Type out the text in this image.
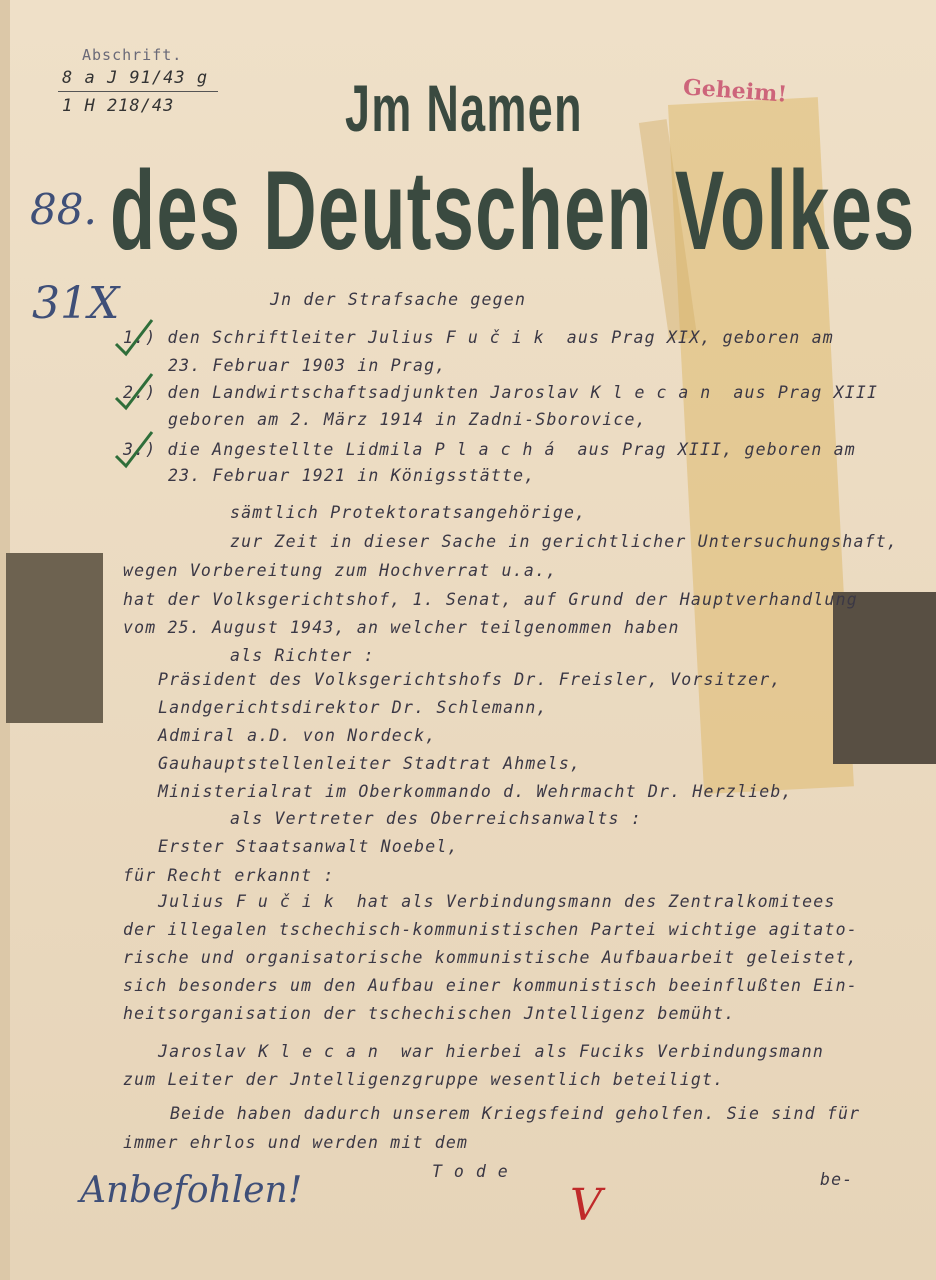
Abschrift.
8 a J 91/43 g
1 H 218/43	Geheim!
Jm Namen
des Deutschen Volkes
88.
31X	Jn der Strafsache gegen
1.) den Schriftleiter Julius Fučik aus Prag XIX, geboren am
23. Februar 1903 in Prag,
2.) den Landwirtschaftsadjunkten Jaroslav Klecan aus Prag XIII
geboren am 2. März 1914 in Zadni-Sborovice,
3.) die Angestellte Lidmila Plachá aus Prag XIII, geboren am
23. Februar 1921 in Königsstätte,
sämtlich Protektoratsangehörige,
zur Zeit in dieser Sache in gerichtlicher Untersuchungshaft,
wegen Vorbereitung zum Hochverrat u.a.,
hat der Volksgerichtshof, 1. Senat, auf Grund der Hauptverhandlung
vom 25. August 1943, an welcher teilgenommen haben
als Richter :
Präsident des Volksgerichtshofs Dr. Freisler, Vorsitzer,
Landgerichtsdirektor Dr. Schlemann,
Admiral a.D. von Nordeck,
Gauhauptstellenleiter Stadtrat Ahmels,
Ministerialrat im Oberkommando d. Wehrmacht Dr. Herzlieb,
als Vertreter des Oberreichsanwalts :
Erster Staatsanwalt Noebel,
für Recht erkannt :
Julius Fučik hat als Verbindungsmann des Zentralkomitees
der illegalen tschechisch-kommunistischen Partei wichtige agitato-
rische und organisatorische kommunistische Aufbauarbeit geleistet,
sich besonders um den Aufbau einer kommunistisch beeinflußten Ein-
heitsorganisation der tschechischen Jntelligenz bemüht.
Jaroslav Klecan war hierbei als Fuciks Verbindungsmann
zum Leiter der Jntelligenzgruppe wesentlich beteiligt.
Beide haben dadurch unserem Kriegsfeind geholfen. Sie sind für
immer ehrlos und werden mit dem
Tode	be-
Anbefohlen!	V
